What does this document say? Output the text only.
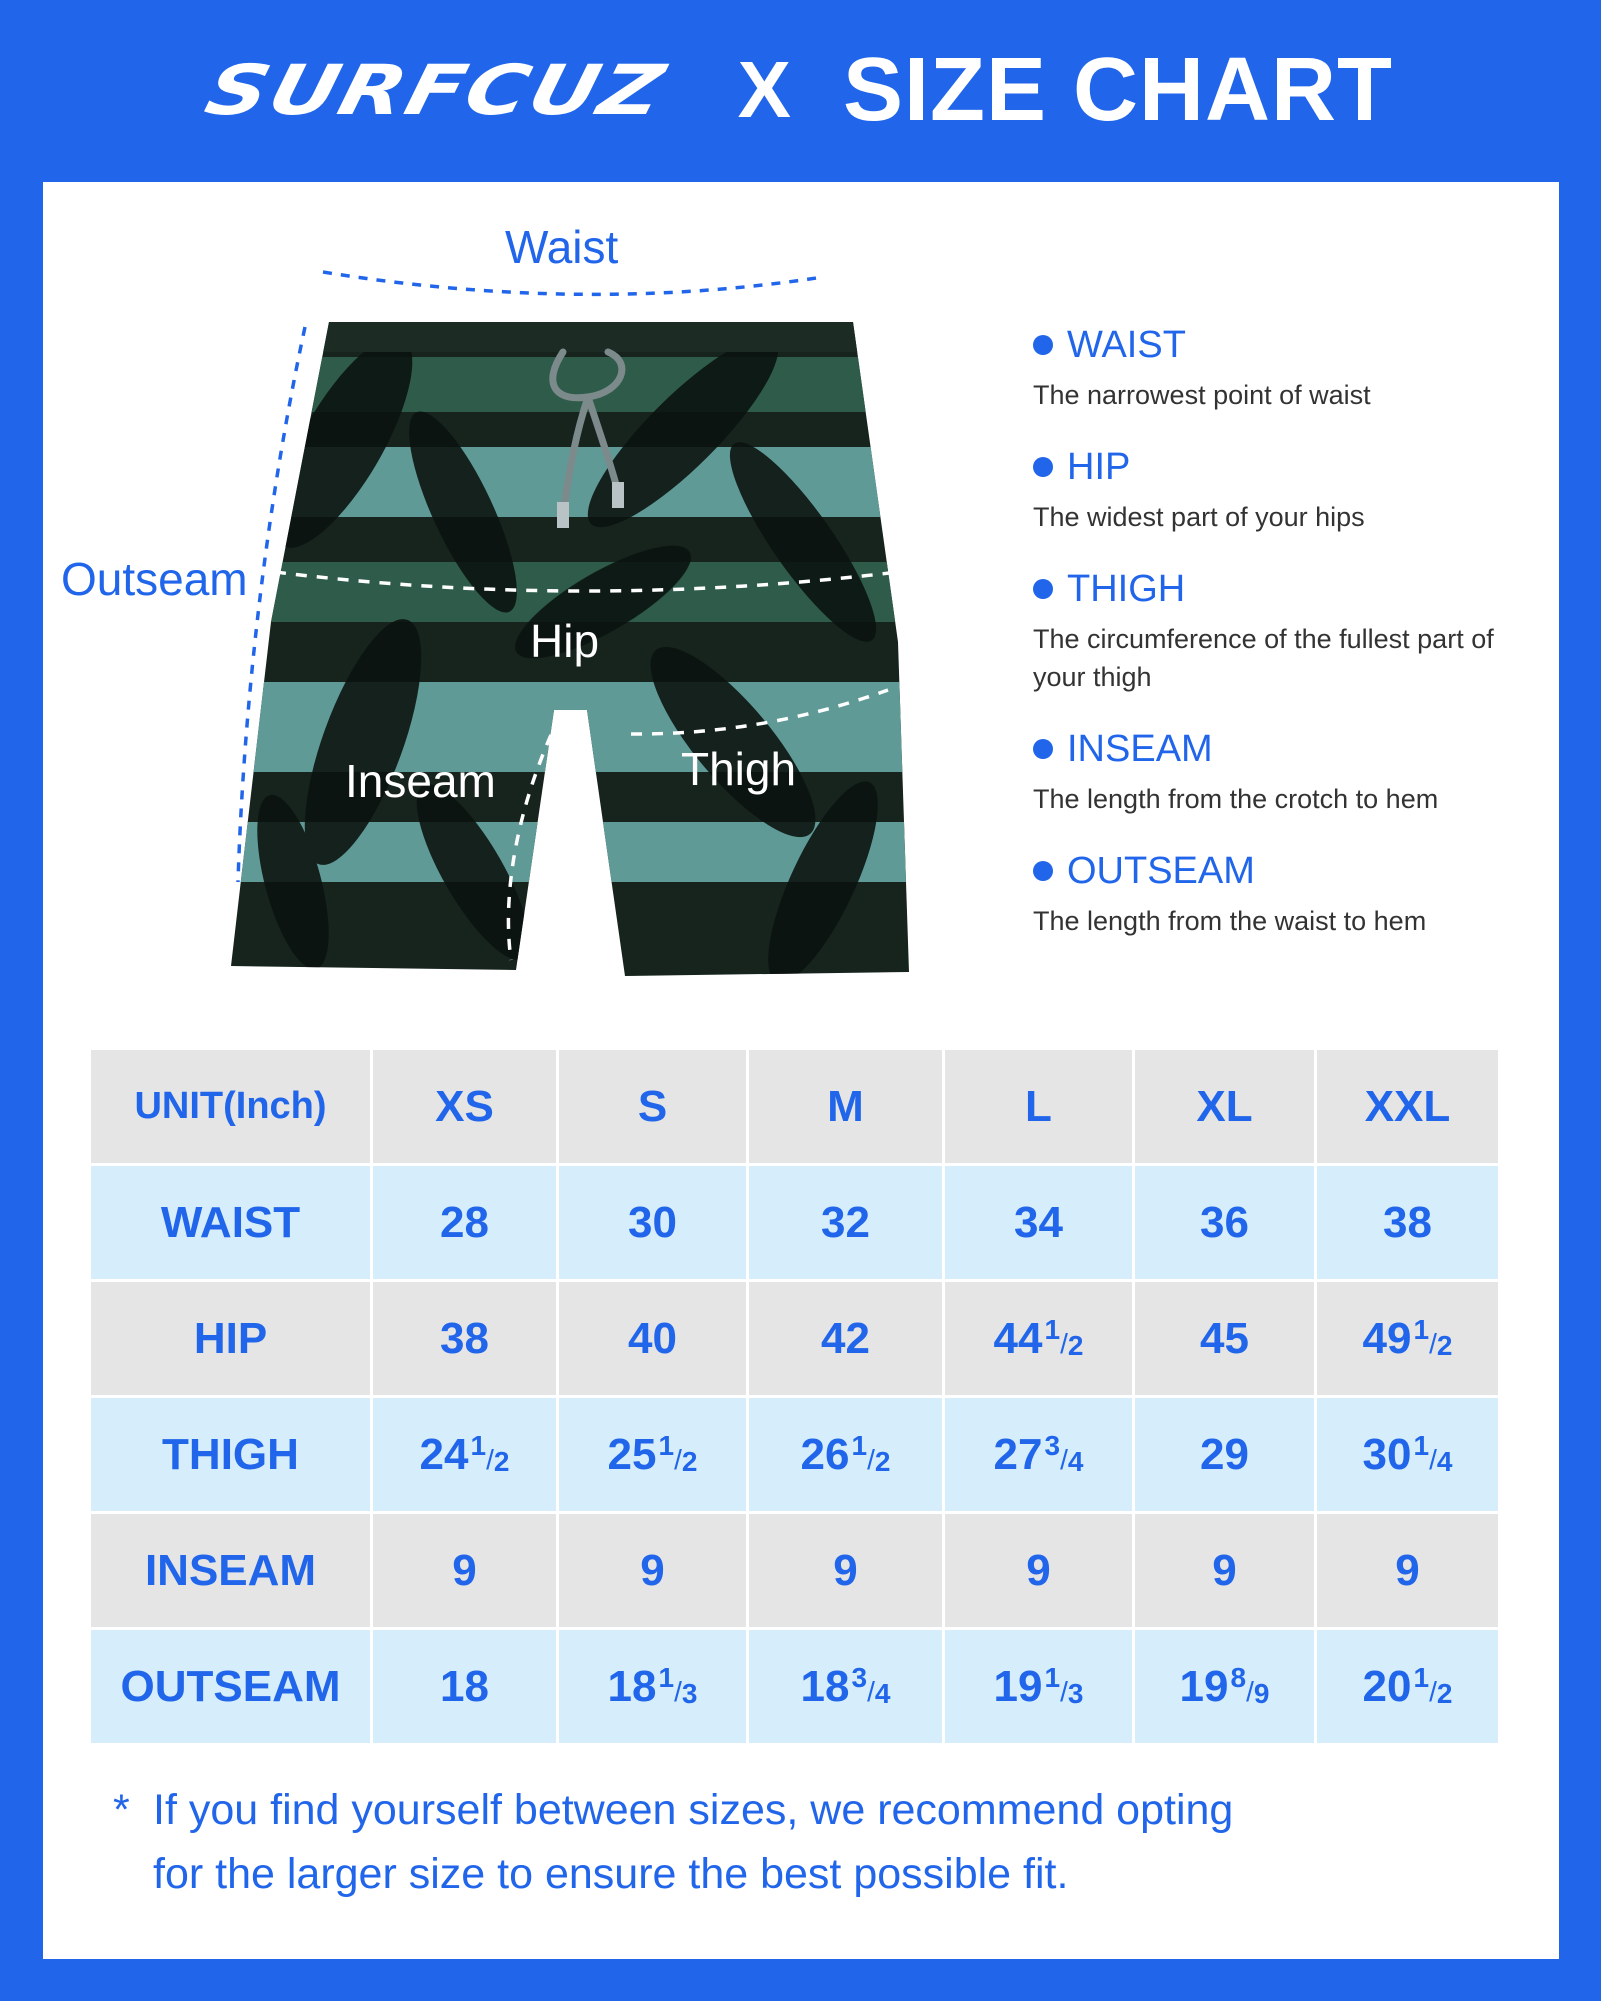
SURFCUZ X SIZE CHART
Waist
Outseam
Hip
Inseam	Thigh
WAIST
The narrowest point of waist
HIP
The widest part of your hips
THIGH
The circumference of the fullest part of your thigh
INSEAM
The length from the crotch to hem
OUTSEAM
The length from the waist to hem
UNIT(Inch)	XS	S	M	L	XL	XXL
WAIST	28	30	32	34	36	38
HIP	38	40	42	44$^1$/2	45	49$^1$/2
THIGH	24$^1$/2	25$^1$/2	26$^1$/2	27$^3$/4	29	30$^1$/4
INSEAM	9	9	9	9	9	9
OUTSEAM	18	18$^1$/3	18$^3$/4	19$^1$/3	19$^8$/9	20$^1$/2
* If you find yourself between sizes, we recommend opting
for the larger size to ensure the best possible fit.
